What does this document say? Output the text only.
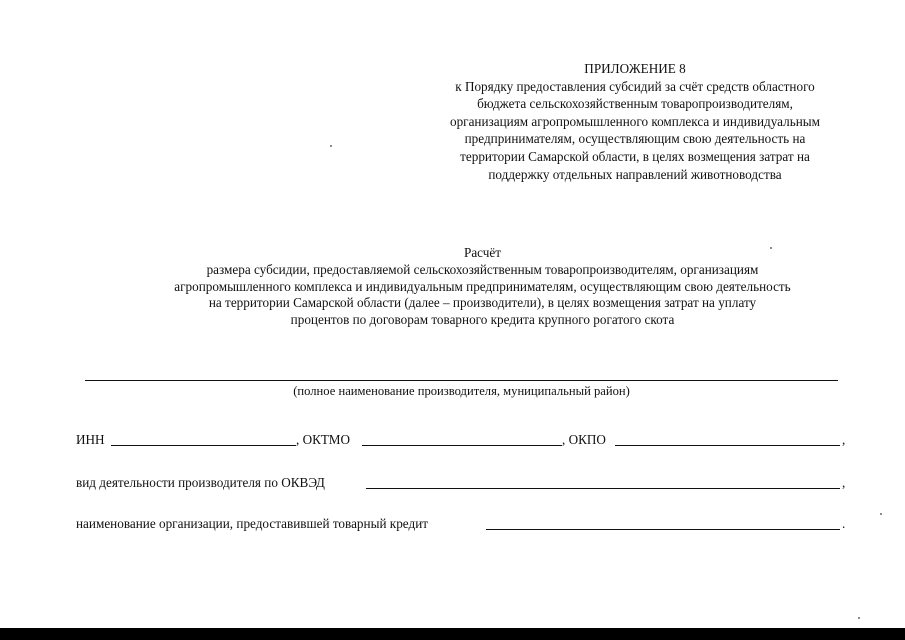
ПРИЛОЖЕНИЕ 8
к Порядку предоставления субсидий за счёт средств областного
бюджета сельскохозяйственным товаропроизводителям,
организациям агропромышленного комплекса и индивидуальным
предпринимателям, осуществляющим свою деятельность на
территории Самарской области, в целях возмещения затрат на
поддержку отдельных направлений животноводства
Расчёт
размера субсидии, предоставляемой сельскохозяйственным товаропроизводителям, организациям
агропромышленного комплекса и индивидуальным предпринимателям, осуществляющим свою деятельность
на территории Самарской области (далее – производители), в целях возмещения затрат на уплату
процентов по договорам товарного кредита крупного рогатого скота
(полное наименование производителя, муниципальный район)
ИНН	, ОКТМО	, ОКПО	,
вид деятельности производителя по ОКВЭД	,
наименование организации, предоставившей товарный кредит	.
